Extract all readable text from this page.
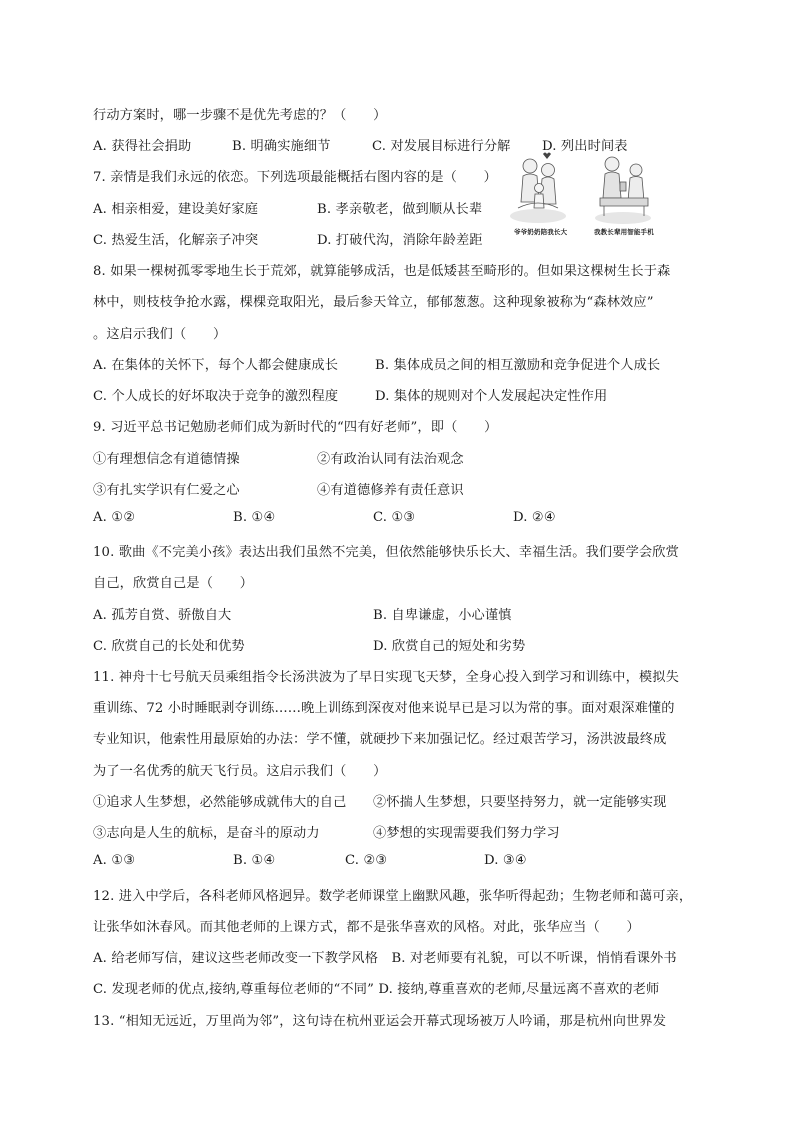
行动方案时，哪一步骤不是优先考虑的？（　　）
A. 获得社会捐助	B. 明确实施细节	C. 对发展目标进行分解 D. 列出时间表
7. 亲情是我们永远的依恋。下列选项最能概括右图内容的是（　　）
A. 相亲相爱，建设美好家庭	B. 孝亲敬老，做到顺从长辈
C. 热爱生活，化解亲子冲突	D. 打破代沟，消除年龄差距
爷爷奶奶陪我长大	我教长辈用智能手机
8. 如果一棵树孤零零地生长于荒郊，就算能够成活，也是低矮甚至畸形的。但如果这棵树生长于森
林中，则枝枝争抢水露，棵棵竞取阳光，最后参天耸立，郁郁葱葱。这种现象被称为“森林效应”
。这启示我们（　　）
A. 在集体的关怀下，每个人都会健康成长	B. 集体成员之间的相互激励和竞争促进个人成长
C. 个人成长的好坏取决于竞争的激烈程度	D. 集体的规则对个人发展起决定性作用
9. 习近平总书记勉励老师们成为新时代的“四有好老师”，即（　　）
①有理想信念有道德情操	②有政治认同有法治观念
③有扎实学识有仁爱之心	④有道德修养有责任意识
A. ①②	B. ①④	C. ①③	D. ②④
10. 歌曲《不完美小孩》表达出我们虽然不完美，但依然能够快乐长大、幸福生活。我们要学会欣赏
自己，欣赏自己是（　　）
A. 孤芳自赏、骄傲自大	B. 自卑谦虚，小心谨慎
C. 欣赏自己的长处和优势	D. 欣赏自己的短处和劣势
11. 神舟十七号航天员乘组指令长汤洪波为了早日实现飞天梦，全身心投入到学习和训练中，模拟失
重训练、72 小时睡眠剥夺训练……晚上训练到深夜对他来说早已是习以为常的事。面对艰深难懂的
专业知识，他索性用最原始的办法：学不懂，就硬抄下来加强记忆。经过艰苦学习，汤洪波最终成
为了一名优秀的航天飞行员。这启示我们（　　）
①追求人生梦想，必然能够成就伟大的自己 ②怀揣人生梦想，只要坚持努力，就一定能够实现
③志向是人生的航标，是奋斗的原动力	④梦想的实现需要我们努力学习
A. ①③	B. ①④	C. ②③	D. ③④
12. 进入中学后，各科老师风格迥异。数学老师课堂上幽默风趣，张华听得起劲；生物老师和蔼可亲，
让张华如沐春风。而其他老师的上课方式，都不是张华喜欢的风格。对此，张华应当（　　）
A. 给老师写信，建议这些老师改变一下教学风格　B. 对老师要有礼貌，可以不听课，悄悄看课外书
C. 发现老师的优点,接纳,尊重每位老师的“不同” D. 接纳,尊重喜欢的老师,尽量远离不喜欢的老师
13. “相知无远近，万里尚为邻”，这句诗在杭州亚运会开幕式现场被万人吟诵，那是杭州向世界发
